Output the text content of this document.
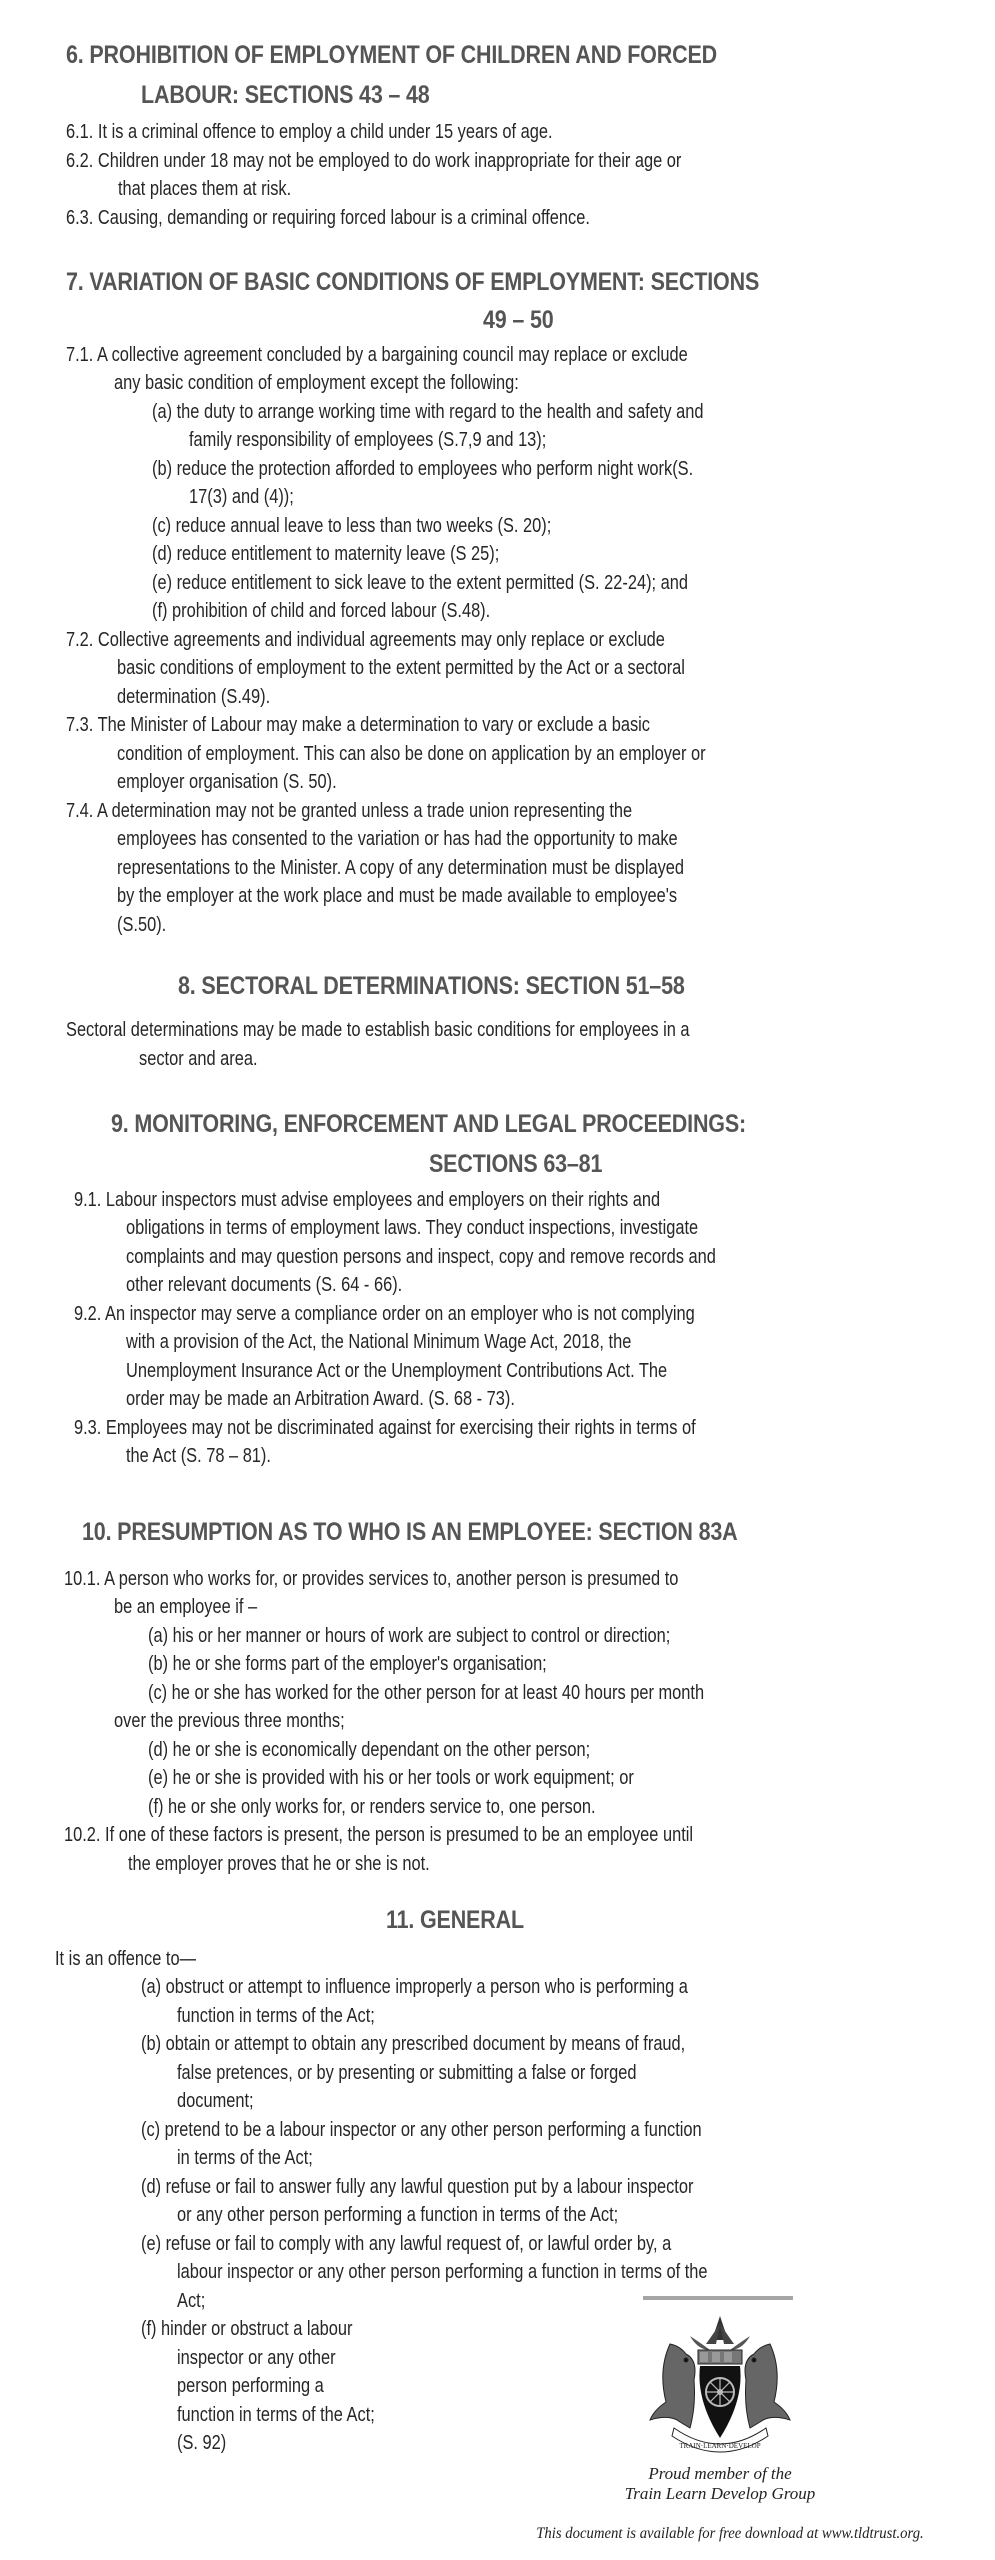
6. PROHIBITION OF EMPLOYMENT OF CHILDREN AND FORCED
LABOUR: SECTIONS 43 – 48
6.1. It is a criminal offence to employ a child under 15 years of age.
6.2. Children under 18 may not be employed to do work inappropriate for their age or
that places them at risk.
6.3. Causing, demanding or requiring forced labour is a criminal offence.
7. VARIATION OF BASIC CONDITIONS OF EMPLOYMENT: SECTIONS
49 – 50
7.1. A collective agreement concluded by a bargaining council may replace or exclude
any basic condition of employment except the following:
(a) the duty to arrange working time with regard to the health and safety and
family responsibility of employees (S.7,9 and 13);
(b) reduce the protection afforded to employees who perform night work(S.
17(3) and (4));
(c) reduce annual leave to less than two weeks (S. 20);
(d) reduce entitlement to maternity leave (S 25);
(e) reduce entitlement to sick leave to the extent permitted (S. 22-24); and
(f) prohibition of child and forced labour (S.48).
7.2. Collective agreements and individual agreements may only replace or exclude
basic conditions of employment to the extent permitted by the Act or a sectoral
determination (S.49).
7.3. The Minister of Labour may make a determination to vary or exclude a basic
condition of employment. This can also be done on application by an employer or
employer organisation (S. 50).
7.4. A determination may not be granted unless a trade union representing the
employees has consented to the variation or has had the opportunity to make
representations to the Minister. A copy of any determination must be displayed
by the employer at the work place and must be made available to employee's
(S.50).
8. SECTORAL DETERMINATIONS: SECTION 51–58
Sectoral determinations may be made to establish basic conditions for employees in a
sector and area.
9. MONITORING, ENFORCEMENT AND LEGAL PROCEEDINGS:
SECTIONS 63–81
9.1. Labour inspectors must advise employees and employers on their rights and
obligations in terms of employment laws. They conduct inspections, investigate
complaints and may question persons and inspect, copy and remove records and
other relevant documents (S. 64 - 66).
9.2. An inspector may serve a compliance order on an employer who is not complying
with a provision of the Act, the National Minimum Wage Act, 2018, the
Unemployment Insurance Act or the Unemployment Contributions Act. The
order may be made an Arbitration Award. (S. 68 - 73).
9.3. Employees may not be discriminated against for exercising their rights in terms of
the Act (S. 78 – 81).
10. PRESUMPTION AS TO WHO IS AN EMPLOYEE: SECTION 83A
10.1. A person who works for, or provides services to, another person is presumed to
be an employee if –
(a) his or her manner or hours of work are subject to control or direction;
(b) he or she forms part of the employer's organisation;
(c) he or she has worked for the other person for at least 40 hours per month
over the previous three months;
(d) he or she is economically dependant on the other person;
(e) he or she is provided with his or her tools or work equipment; or
(f) he or she only works for, or renders service to, one person.
10.2. If one of these factors is present, the person is presumed to be an employee until
the employer proves that he or she is not.
11. GENERAL
It is an offence to—
(a) obstruct or attempt to influence improperly a person who is performing a
function in terms of the Act;
(b) obtain or attempt to obtain any prescribed document by means of fraud,
false pretences, or by presenting or submitting a false or forged
document;
(c) pretend to be a labour inspector or any other person performing a function
in terms of the Act;
(d) refuse or fail to answer fully any lawful question put by a labour inspector
or any other person performing a function in terms of the Act;
(e) refuse or fail to comply with any lawful request of, or lawful order by, a
labour inspector or any other person performing a function in terms of the
Act;
(f) hinder or obstruct a labour
inspector or any other
person performing a
function in terms of the Act;
(S. 92)	TRAIN·LEARN·DEVELOP
Proud member of the
Train Learn Develop Group
This document is available for free download at www.tldtrust.org.
